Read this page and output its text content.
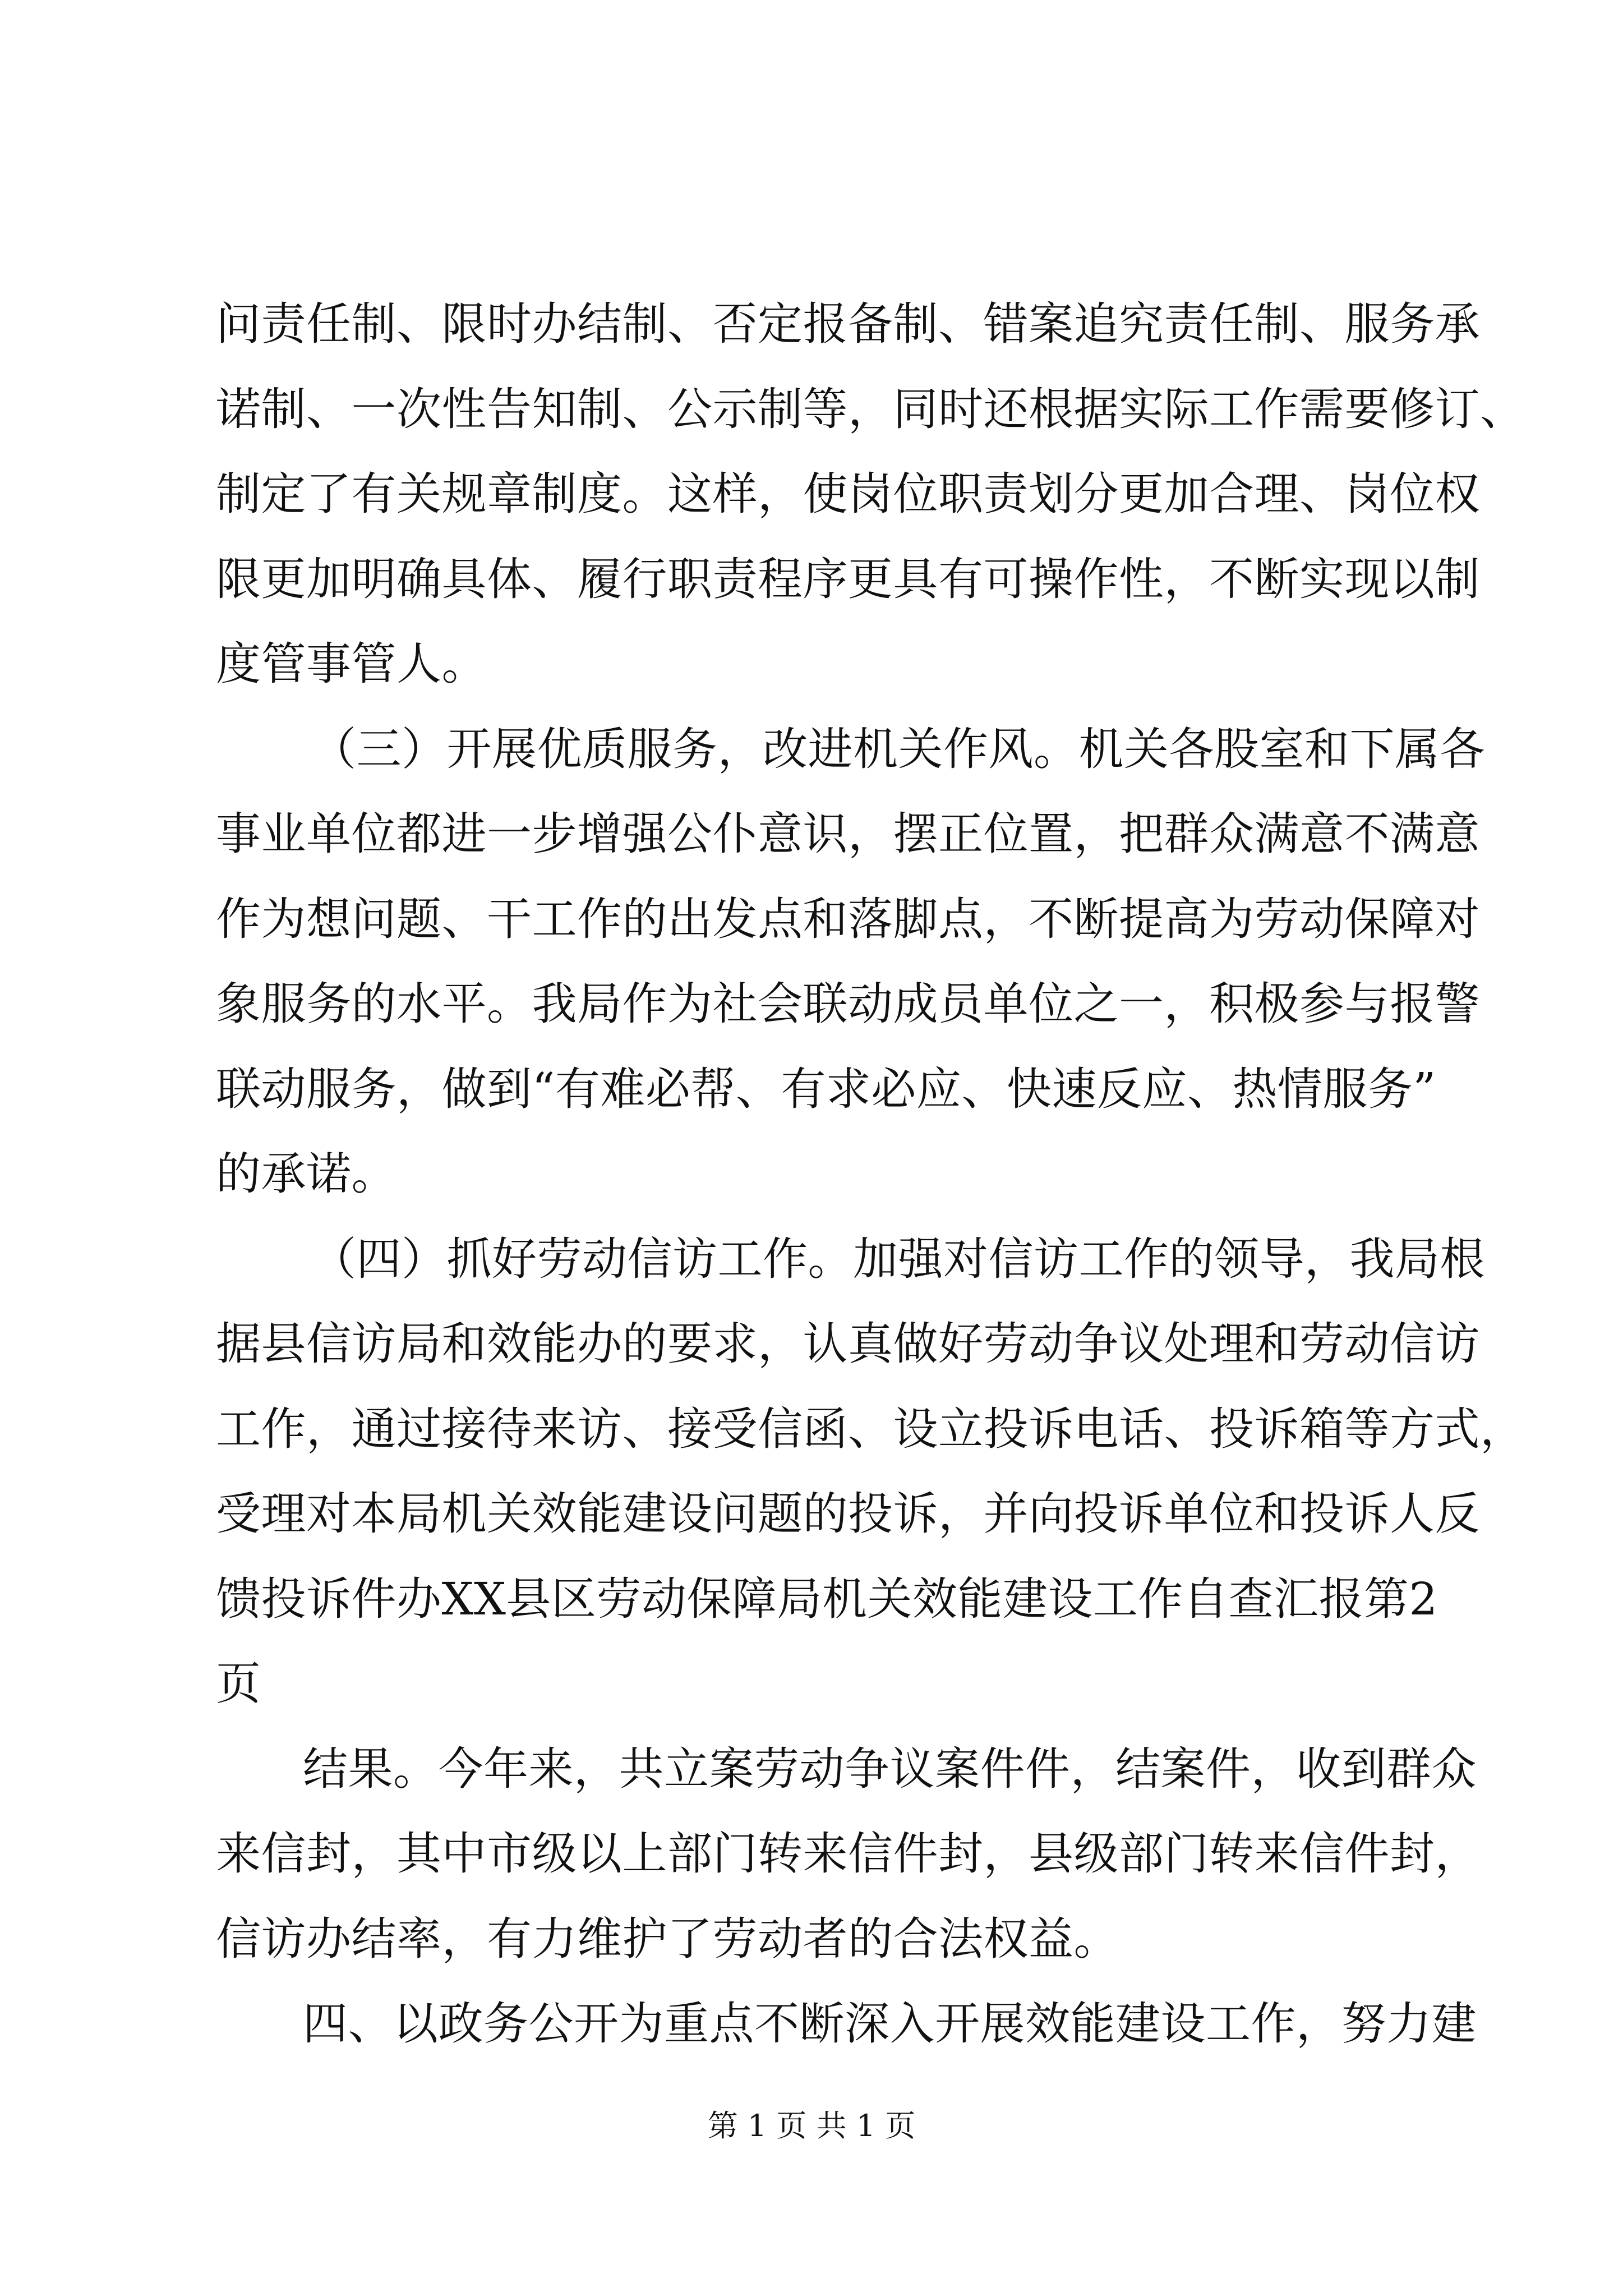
问责任制、限时办结制、否定报备制、错案追究责任制、服务承
诺制、一次性告知制、公示制等，同时还根据实际工作需要修订、
制定了有关规章制度。这样，使岗位职责划分更加合理、岗位权
限更加明确具体、履行职责程序更具有可操作性，不断实现以制
度管事管人。
（三）开展优质服务，改进机关作风。机关各股室和下属各
事业单位都进一步增强公仆意识，摆正位置，把群众满意不满意
作为想问题、干工作的出发点和落脚点，不断提高为劳动保障对
象服务的水平。我局作为社会联动成员单位之一，积极参与报警
联动服务，做到“有难必帮、有求必应、快速反应、热情服务”
的承诺。
（四）抓好劳动信访工作。加强对信访工作的领导，我局根
据县信访局和效能办的要求，认真做好劳动争议处理和劳动信访
工作，通过接待来访、接受信函、设立投诉电话、投诉箱等方式，
受理对本局机关效能建设问题的投诉，并向投诉单位和投诉人反
馈投诉件办XX县区劳动保障局机关效能建设工作自查汇报第2
页
结果。今年来，共立案劳动争议案件件，结案件，收到群众
来信封，其中市级以上部门转来信件封，县级部门转来信件封，
信访办结率，有力维护了劳动者的合法权益。
四、以政务公开为重点不断深入开展效能建设工作，努力建
第 1 页 共 1 页
